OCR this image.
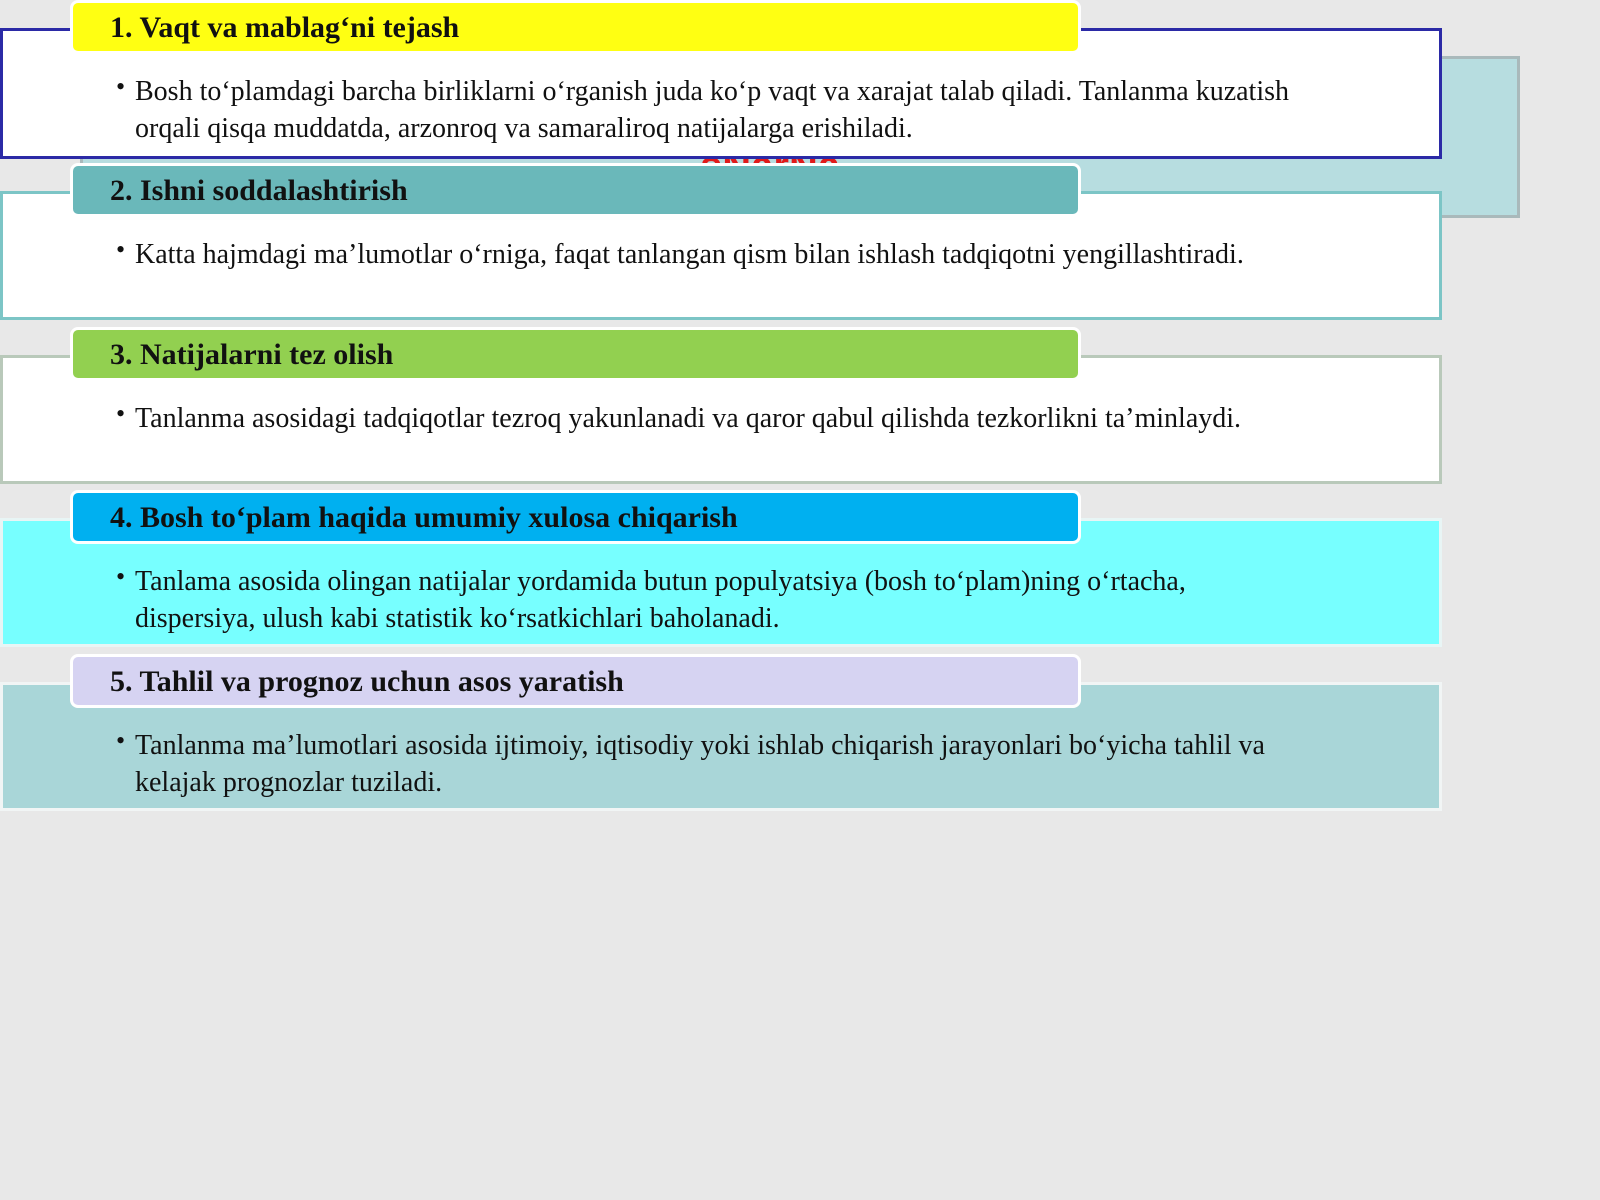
• Bosh to‘plamdagi barcha birliklarni o‘rganish juda ko‘p vaqt va xarajat talab qiladi. Tanlanma kuzatish orqali qisqa muddatda, arzonroq va samaraliroq natijalarga erishiladi.

1. Vaqt va mablag‘ni tejash

• Katta hajmdagi ma’lumotlar o‘rniga, faqat tanlangan qism bilan ishlash tadqiqotni yengillashtiradi.

2. Ishni soddalashtirish

• Tanlanma asosidagi tadqiqotlar tezroq yakunlanadi va qaror qabul qilishda tezkorlikni ta’minlaydi.

3. Natijalarni tez olish

• Tanlama asosida olingan natijalar yordamida butun populyatsiya (bosh to‘plam)ning o‘rtacha, dispersiya, ulush kabi statistik ko‘rsatkichlari baholanadi.

4. Bosh to‘plam haqida umumiy xulosa chiqarish

• Tanlanma ma’lumotlari asosida ijtimoiy, iqtisodiy yoki ishlab chiqarish jarayonlari bo‘yicha tahlil va kelajak prognozlar tuziladi.

5. Tahlil va prognoz uchun asos yaratish
